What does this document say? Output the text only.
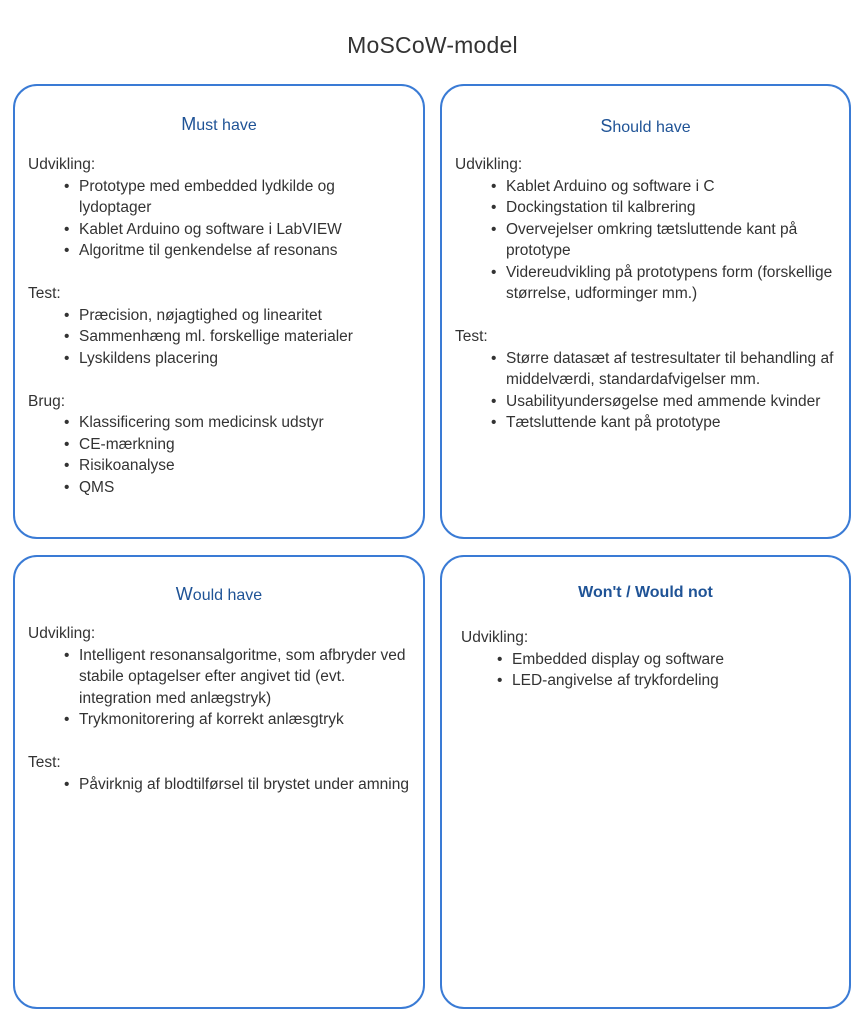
MoSCoW-model
Must have

Udvikling:

• Prototype med embedded lydkilde og lydoptager
• Kablet Arduino og software i LabVIEW
• Algoritme til genkendelse af resonans

Test:

• Præcision, nøjagtighed og linearitet
• Sammenhæng ml. forskellige materialer
• Lyskildens placering

Brug:

• Klassificering som medicinsk udstyr
• CE-mærkning
• Risikoanalyse
• QMS
Should have

Udvikling:

• Kablet Arduino og software i C
• Dockingstation til kalbrering
• Overvejelser omkring tætsluttende kant på prototype
• Videreudvikling på prototypens form (forskellige størrelse, udforminger mm.)

Test:

• Større datasæt af testresultater til behandling af middelværdi, standardafvigelser mm.
• Usabilityundersøgelse med ammende kvinder
• Tætsluttende kant på prototype
Would have

Udvikling:

• Intelligent resonansalgoritme, som afbryder ved stabile optagelser efter angivet tid (evt. integration med anlægstryk)
• Trykmonitorering af korrekt anlæsgtryk

Test:

• Påvirknig af blodtilførsel til brystet under amning
Won't / Would not

Udvikling:

• Embedded display og software
• LED-angivelse af trykfordeling
